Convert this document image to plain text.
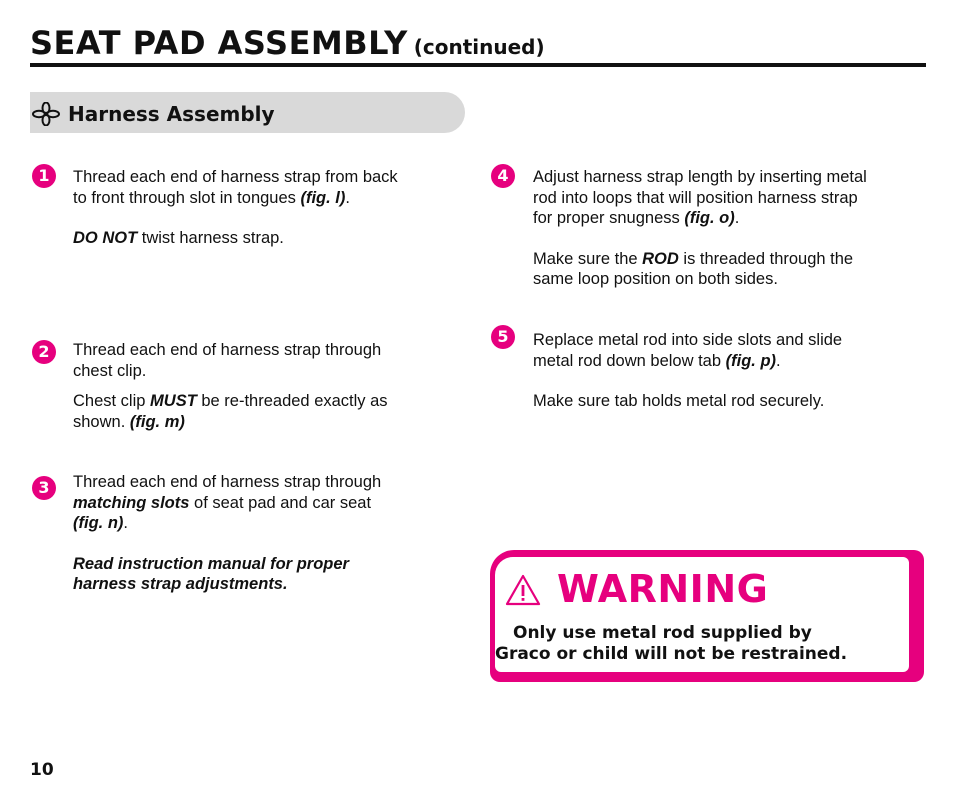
SEAT PAD ASSEMBLY (continued)
Harness Assembly
1	Thread each end of harness strap from back to front through slot in tongues (fig. l).

DO NOT twist harness strap.

2	Thread each end of harness strap through chest clip.

Chest clip MUST be re-threaded exactly as shown. (fig. m)

3	Thread each end of harness strap through matching slots of seat pad and car seat (fig. n).

Read instruction manual for proper harness strap adjustments.

4	Adjust harness strap length by inserting metal rod into loops that will position harness strap for proper snugness (fig. o).

Make sure the ROD is threaded through the same loop position on both sides.

5	Replace metal rod into side slots and slide metal rod down below tab (fig. p).

Make sure tab holds metal rod securely.

WARNING
Only use metal rod supplied by
Graco or child will not be restrained.
10
